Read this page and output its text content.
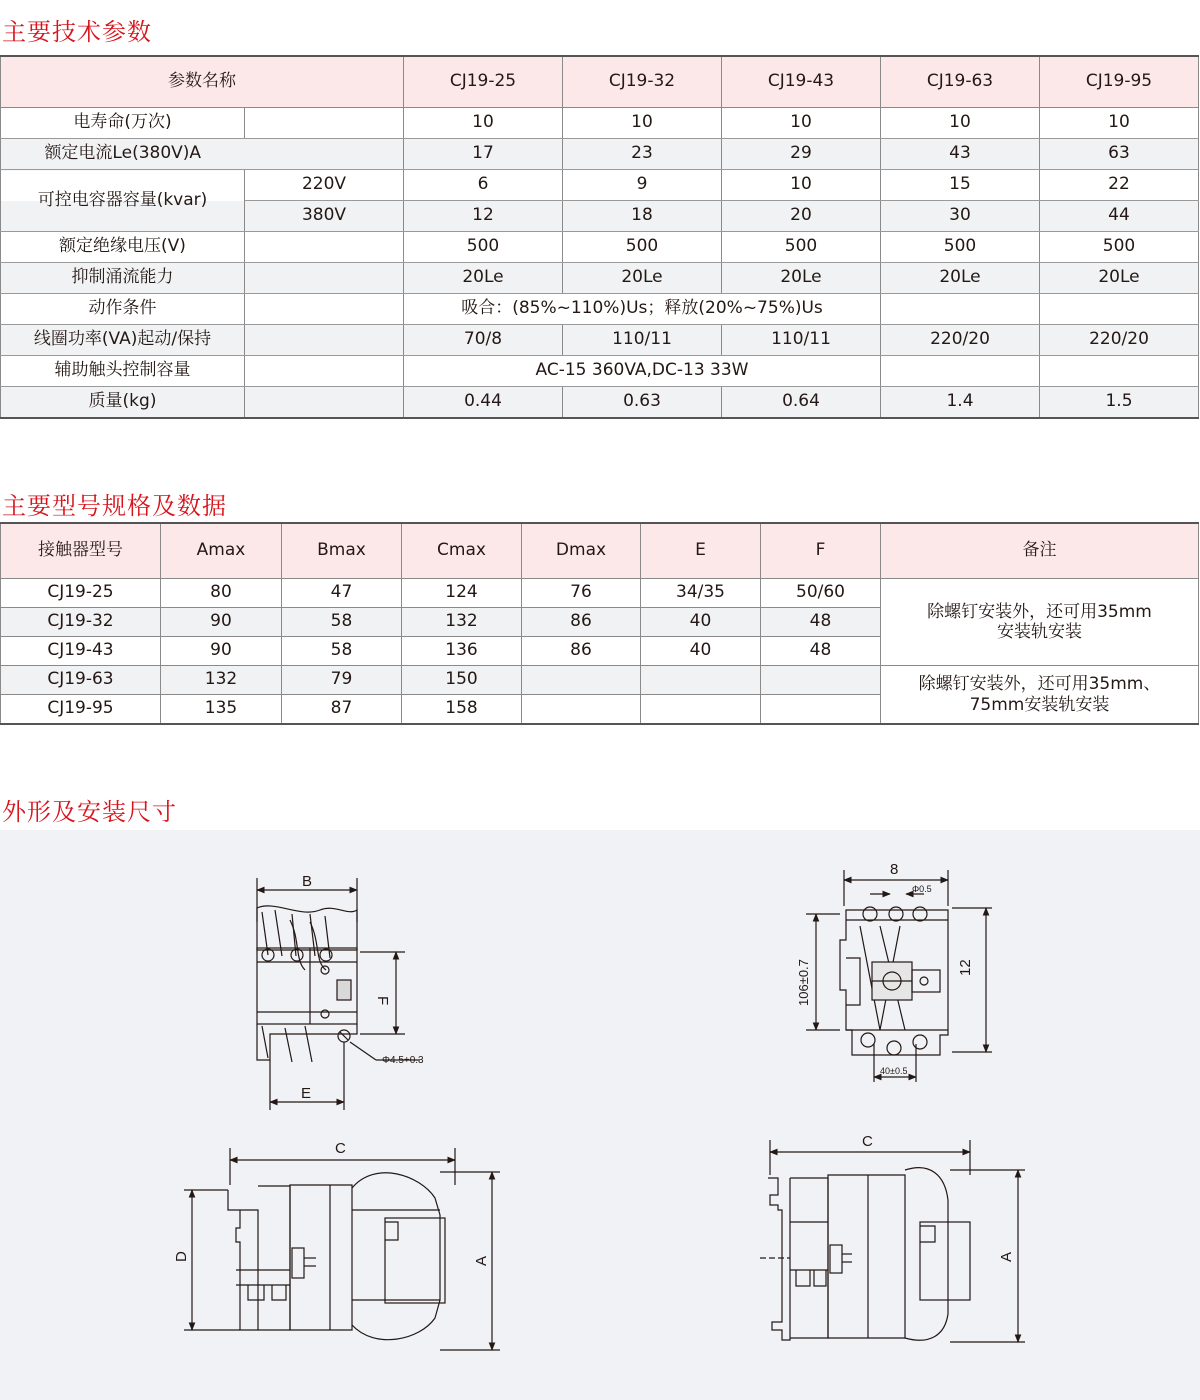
主要技术参数
参数名称		CJ19-25	CJ19-32	CJ19-43	CJ19-63	CJ19-95
电寿命(万次)		10	10	10	10	10
额定电流Le(380V)A		17	23	29	43	63
可控电容器容量(kvar)	220V	6	9	10	15	22
	380V	12	18	20	30	44
额定绝缘电压(V)		500	500	500	500	500
抑制涌流能力		20Le	20Le	20Le	20Le	20Le
动作条件		吸合：(85%~110%)Us；释放(20%~75%)Us				
线圈功率(VA)起动/保持		70/8	110/11	110/11	220/20	220/20
辅助触头控制容量		AC-15 360VA,DC-13 33W				
质量(kg)		0.44	0.63	0.64	1.4	1.5
主要型号规格及数据
接触器型号	Amax	Bmax	Cmax	Dmax	E	F	备注
CJ19-25	80	47	124	76	34/35	50/60	除螺钉安装外，还可用35mm
安装轨安装

CJ19-32	90	58	132	86	40	48	
CJ19-43	90	58	136	86	40	48	
CJ19-63	132	79	150				除螺钉安装外，还可用35mm、
75mm安装轨安装

CJ19-95	135	87	158				
外形及安装尺寸
B
F
E
Φ4.5+0.3
8
Φ0.5
106±0.7	12
40±0.5
C
D	A
C
A
